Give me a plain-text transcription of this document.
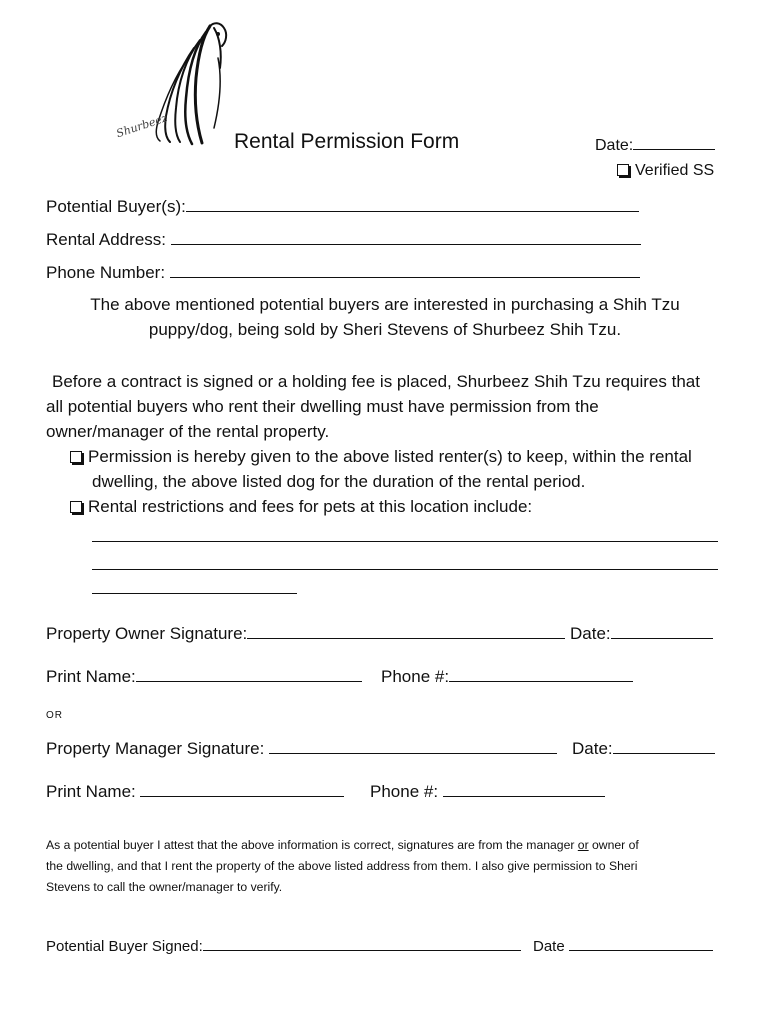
Shurbeez
Rental Permission Form	Date:
Verified SS
Potential Buyer(s):
Rental Address:
Phone Number:
The above mentioned potential buyers are interested in purchasing a Shih Tzu
puppy/dog, being sold by Sheri Stevens of Shurbeez Shih Tzu.
Before a contract is signed or a holding fee is placed, Shurbeez Shih Tzu requires that
all potential buyers who rent their dwelling must have permission from the
owner/manager of the rental property.
Permission is hereby given to the above listed renter(s) to keep, within the rental
dwelling, the above listed dog for the duration of the rental period.
Rental restrictions and fees for pets at this location include:
Property Owner Signature:	Date:
Print Name:	Phone #:
OR
Property Manager Signature:	Date:
Print Name:	Phone #:
As a potential buyer I attest that the above information is correct, signatures are from the manager or owner of
the dwelling, and that I rent the property of the above listed address from them. I also give permission to Sheri
Stevens to call the owner/manager to verify.
Potential Buyer Signed:	Date
